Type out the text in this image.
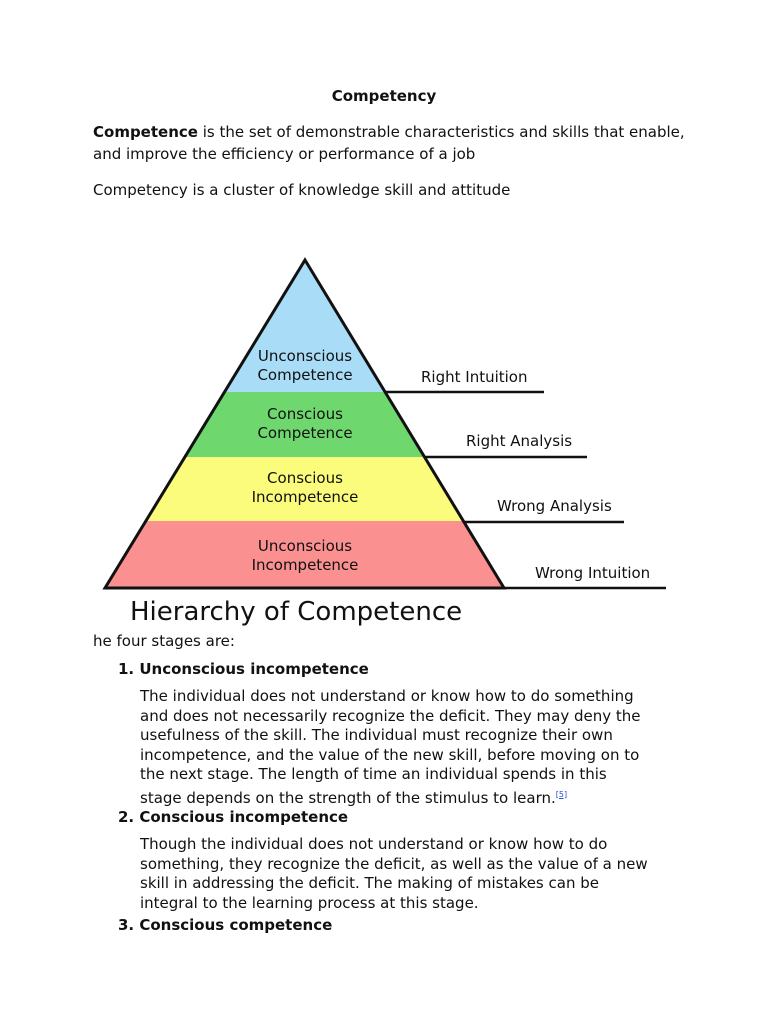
Competency
Competence is the set of demonstrable characteristics and skills that enable, and improve the efficiency or performance of a job
Competency is a cluster of knowledge skill and attitude
Unconscious
Competence
Conscious
Competence
Conscious
Incompetence
Unconscious
Incompetence
Right Intuition
Right Analysis
Wrong Analysis
Wrong Intuition
Hierarchy of Competence
he four stages are:
1. Unconscious incompetence
The individual does not understand or know how to do something
and does not necessarily recognize the deficit. They may deny the
usefulness of the skill. The individual must recognize their own
incompetence, and the value of the new skill, before moving on to
the next stage. The length of time an individual spends in this
stage depends on the strength of the stimulus to learn.[5]
2. Conscious incompetence
Though the individual does not understand or know how to do
something, they recognize the deficit, as well as the value of a new
skill in addressing the deficit. The making of mistakes can be
integral to the learning process at this stage.
3. Conscious competence
